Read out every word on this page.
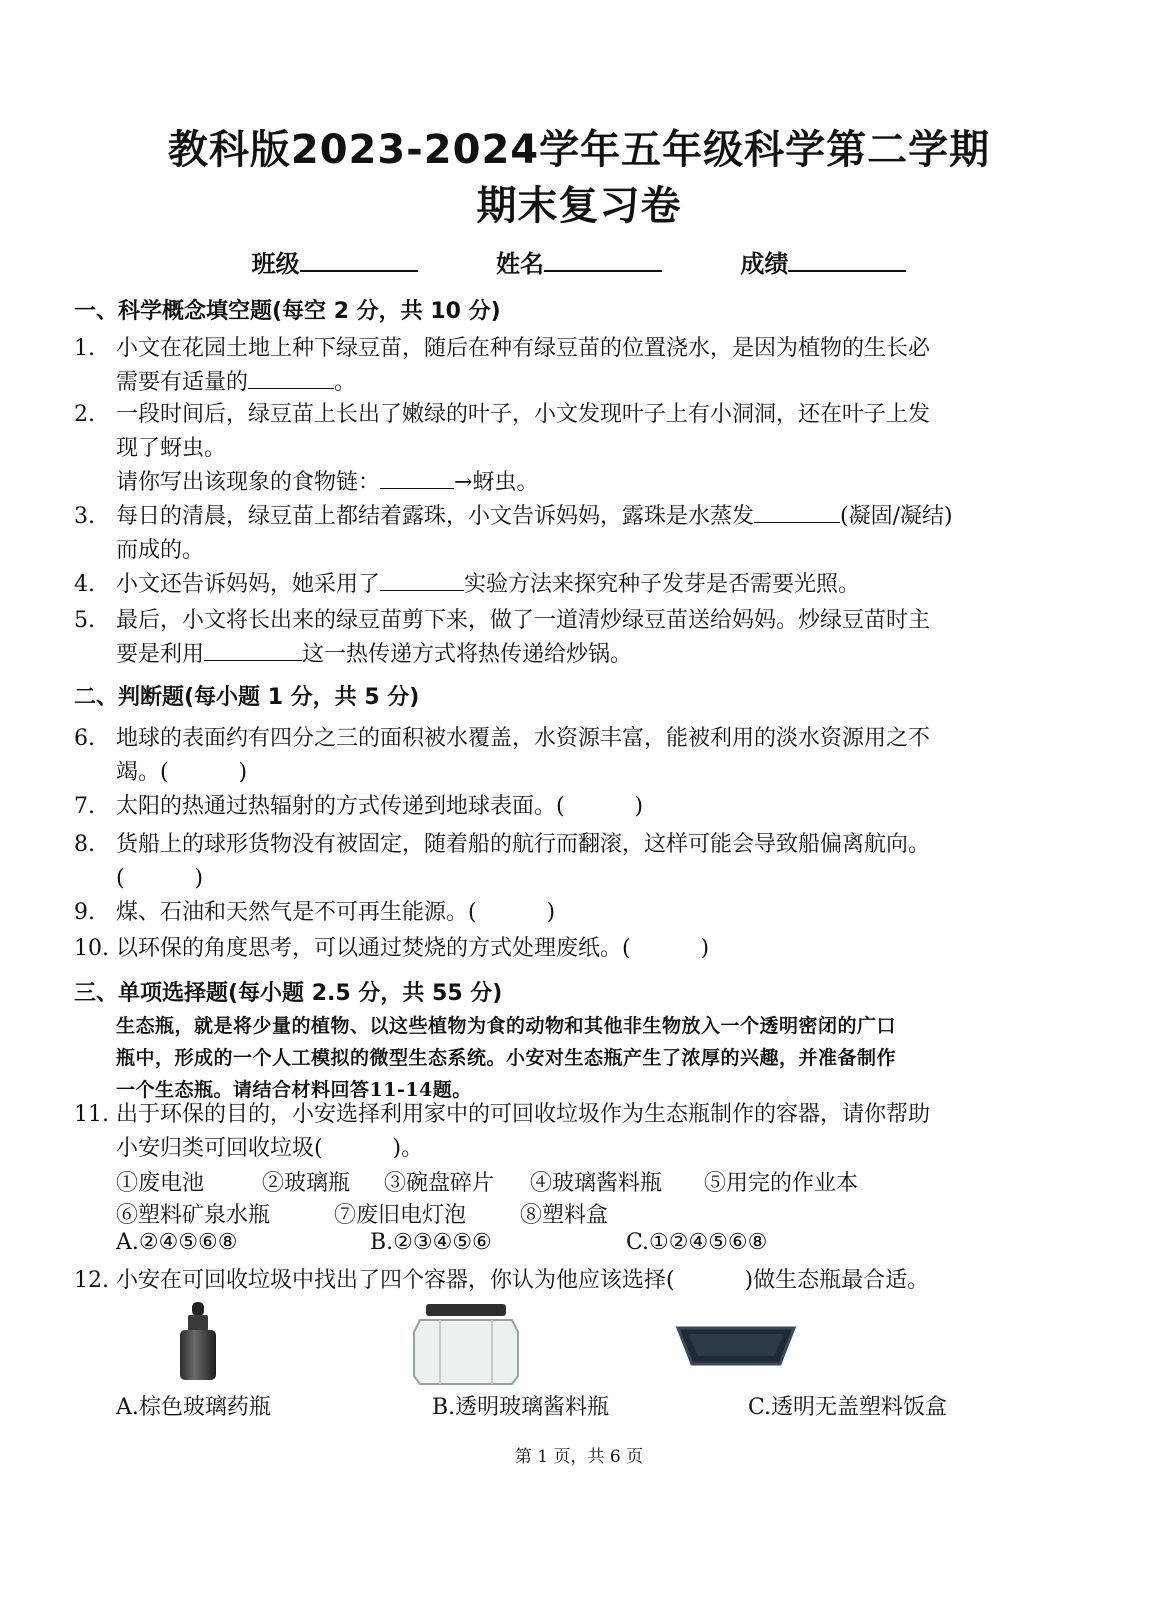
教科版2023-2024学年五年级科学第二学期
期末复习卷
班级	姓名	成绩
一、科学概念填空题(每空 2 分，共 10 分)
1. 小文在花园土地上种下绿豆苗，随后在种有绿豆苗的位置浇水，是因为植物的生长必
需要有适量的	。
2. 一段时间后，绿豆苗上长出了嫩绿的叶子，小文发现叶子上有小洞洞，还在叶子上发
现了蚜虫。
请你写出该现象的食物链：	→蚜虫。
3. 每日的清晨，绿豆苗上都结着露珠，小文告诉妈妈，露珠是水蒸发	(凝固/凝结)
而成的。
4. 小文还告诉妈妈，她采用了	实验方法来探究种子发芽是否需要光照。
5. 最后，小文将长出来的绿豆苗剪下来，做了一道清炒绿豆苗送给妈妈。炒绿豆苗时主
要是利用	这一热传递方式将热传递给炒锅。
二、判断题(每小题 1 分，共 5 分)
6. 地球的表面约有四分之三的面积被水覆盖，水资源丰富，能被利用的淡水资源用之不
竭。(          )
7. 太阳的热通过热辐射的方式传递到地球表面。(          )
8. 货船上的球形货物没有被固定，随着船的航行而翻滚，这样可能会导致船偏离航向。
(          )
9. 煤、石油和天然气是不可再生能源。(          )
10. 以环保的角度思考，可以通过焚烧的方式处理废纸。(          )
三、单项选择题(每小题 2.5 分，共 55 分)
生态瓶，就是将少量的植物、以这些植物为食的动物和其他非生物放入一个透明密闭的广口
瓶中，形成的一个人工模拟的微型生态系统。小安对生态瓶产生了浓厚的兴趣，并准备制作
一个生态瓶。请结合材料回答11-14题。
11. 出于环保的目的，小安选择利用家中的可回收垃圾作为生态瓶制作的容器，请你帮助
小安归类可回收垃圾(          )。
①废电池	②玻璃瓶 ③碗盘碎片 ④玻璃酱料瓶 ⑤用完的作业本
⑥塑料矿泉水瓶	⑦废旧电灯泡 ⑧塑料盒
A.②④⑤⑥⑧	B.②③④⑤⑥	C.①②④⑤⑥⑧
12. 小安在可回收垃圾中找出了四个容器，你认为他应该选择(          )做生态瓶最合适。
A.棕色玻璃药瓶	B.透明玻璃酱料瓶	C.透明无盖塑料饭盒
第 1 页，共 6 页
